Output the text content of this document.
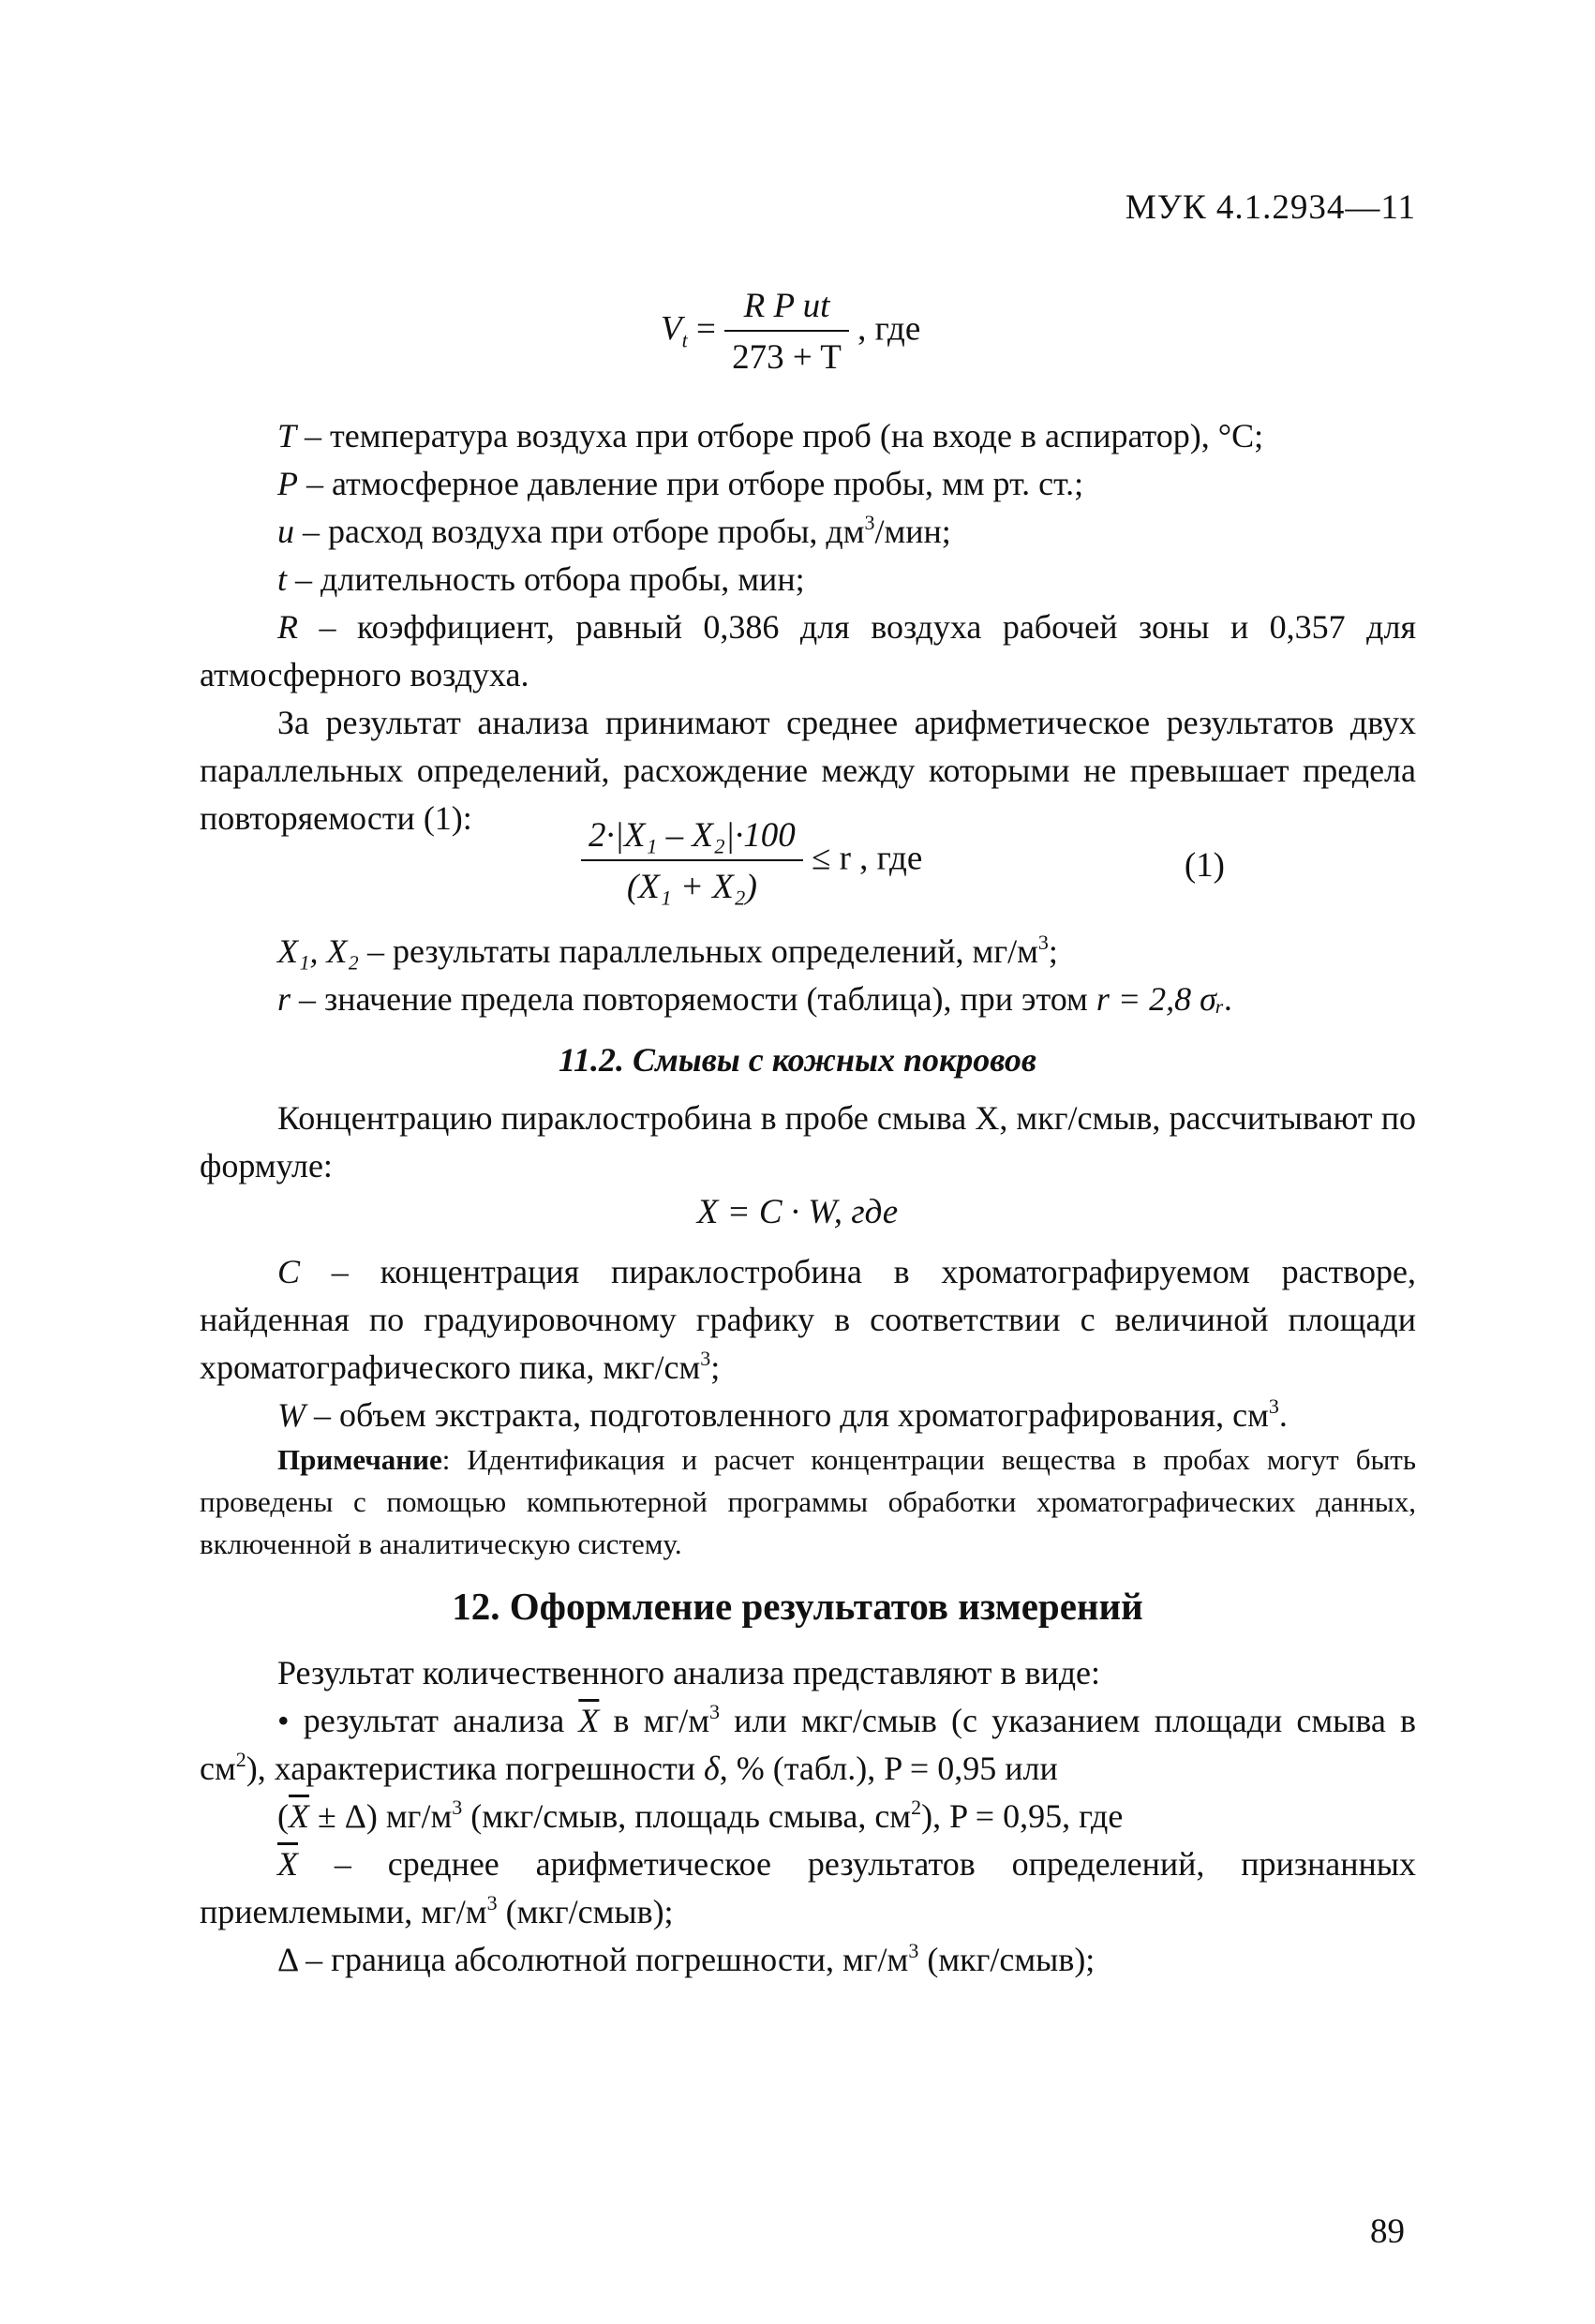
МУК 4.1.2934—11
$V_t = \frac{\text{R P ut}}{273 + T}$ , где

T – температура воздуха при отборе проб (на входе в аспиратор), °С;

P – атмосферное давление при отборе пробы, мм рт. ст.;

u – расход воздуха при отборе пробы, $дм^3$/мин;

t – длительность отбора пробы, мин;

R – коэффициент, равный 0,386 для воздуха рабочей зоны и 0,357 для атмосферного воздуха.

За результат анализа принимают среднее арифметическое результатов двух параллельных определений, расхождение между которыми не превышает предела повторяемости (1):	$\frac{\text{2·|X₁ – X₂|·100}}{\text{(X₁ + X₂)}} \le r$ , где	(1)

X₁, X₂ – результаты параллельных определений, $мг/м^3$;

r – значение предела повторяемости (таблица), при этом r = 2,8 σᵣ.

11.2. Смывы с кожных покровов

Концентрацию пираклостробина в пробе смыва X, мкг/смыв, рассчитывают по формуле:

X = C · W, где

C – концентрация пираклостробина в хроматографируемом растворе, найденная по градуировочному графику в соответствии с величиной площади хроматографического пика, мкг/$см^3$;

W – объем экстракта, подготовленного для хроматографирования, $см^3$.

Примечание: Идентификация и расчет концентрации вещества в пробах могут быть проведены с помощью компьютерной программы обработки хроматографических данных, включенной в аналитическую систему.

12. Оформление результатов измерений

Результат количественного анализа представляют в виде:

• результат анализа $\overline{X}$ в $мг/м^3$ или мкг/смыв (с указанием площади смыва в $см^2$), характеристика погрешности δ, % (табл.), P = 0,95 или

$(\overline{X} \pm \Delta)$ $мг/м^3$ (мкг/смыв, площадь смыва, $см^2$), P = 0,95, где

$\overline{X}$ – среднее арифметическое результатов определений, признанных приемлемыми, $мг/м^3$ (мкг/смыв);

Δ – граница абсолютной погрешности, $мг/м^3$ (мкг/смыв);

89
